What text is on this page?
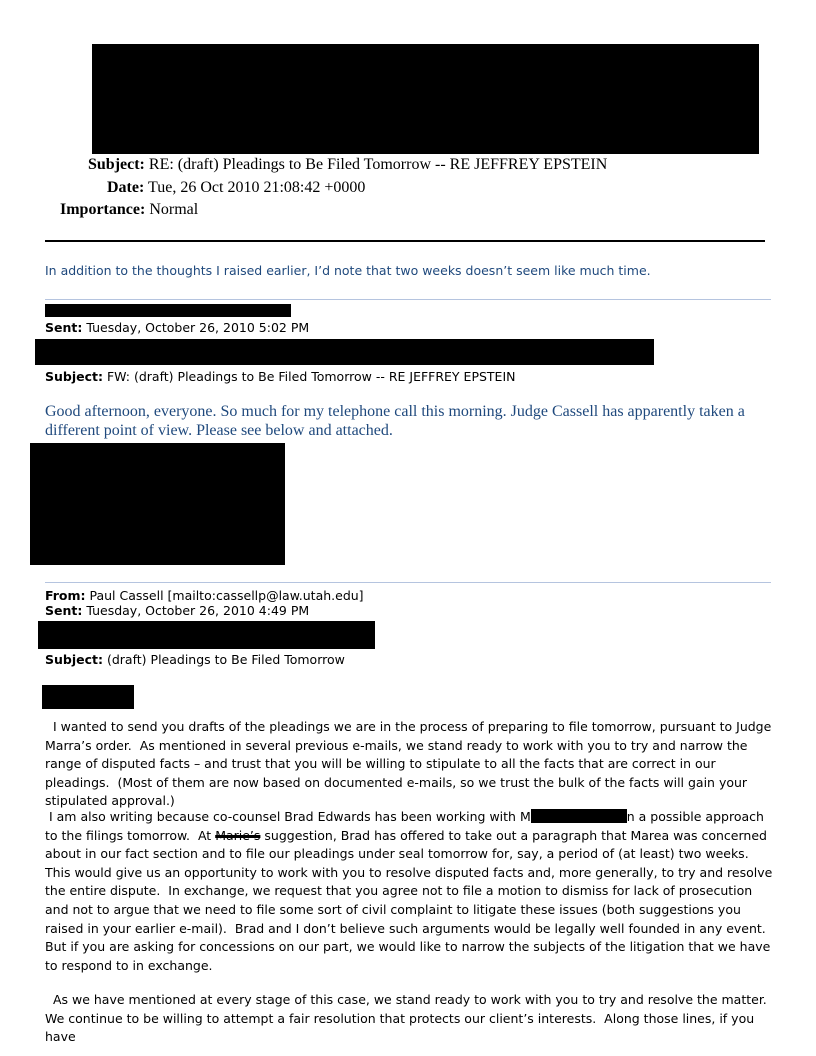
Subject: RE: (draft) Pleadings to Be Filed Tomorrow -- RE JEFFREY EPSTEIN
Date: Tue, 26 Oct 2010 21:08:42 +0000
Importance: Normal
In addition to the thoughts I raised earlier, I’d note that two weeks doesn’t seem like much time.
Sent: Tuesday, October 26, 2010 5:02 PM
Subject: FW: (draft) Pleadings to Be Filed Tomorrow -- RE JEFFREY EPSTEIN
Good afternoon, everyone. So much for my telephone call this morning. Judge Cassell has apparently taken a different point of view. Please see below and attached.
From: Paul Cassell [mailto:cassellp@law.utah.edu]
Sent: Tuesday, October 26, 2010 4:49 PM
Subject: (draft) Pleadings to Be Filed Tomorrow
I wanted to send you drafts of the pleadings we are in the process of preparing to file tomorrow, pursuant to Judge Marra’s order.  As mentioned in several previous e-mails, we stand ready to work with you to try and narrow the range of disputed facts – and trust that you will be willing to stipulate to all the facts that are correct in our pleadings.  (Most of them are now based on documented e-mails, so we trust the bulk of the facts will gain your stipulated approval.)
I am also writing because co-counsel Brad Edwards has been working with M	n a possible approach to the filings tomorrow.  At Marie’s suggestion, Brad has offered to take out a paragraph that Marea was concerned about in our fact section and to file our pleadings under seal tomorrow for, say, a period of (at least) two weeks.  This would give us an opportunity to work with you to resolve disputed facts and, more generally, to try and resolve the entire dispute.  In exchange, we request that you agree not to file a motion to dismiss for lack of prosecution and not to argue that we need to file some sort of civil complaint to litigate these issues (both suggestions you raised in your earlier e-mail).  Brad and I don’t believe such arguments would be legally well founded in any event.  But if you are asking for concessions on our part, we would like to narrow the subjects of the litigation that we have to respond to in exchange.
As we have mentioned at every stage of this case, we stand ready to work with you to try and resolve the matter.  We continue to be willing to attempt a fair resolution that protects our client’s interests.  Along those lines, if you have
